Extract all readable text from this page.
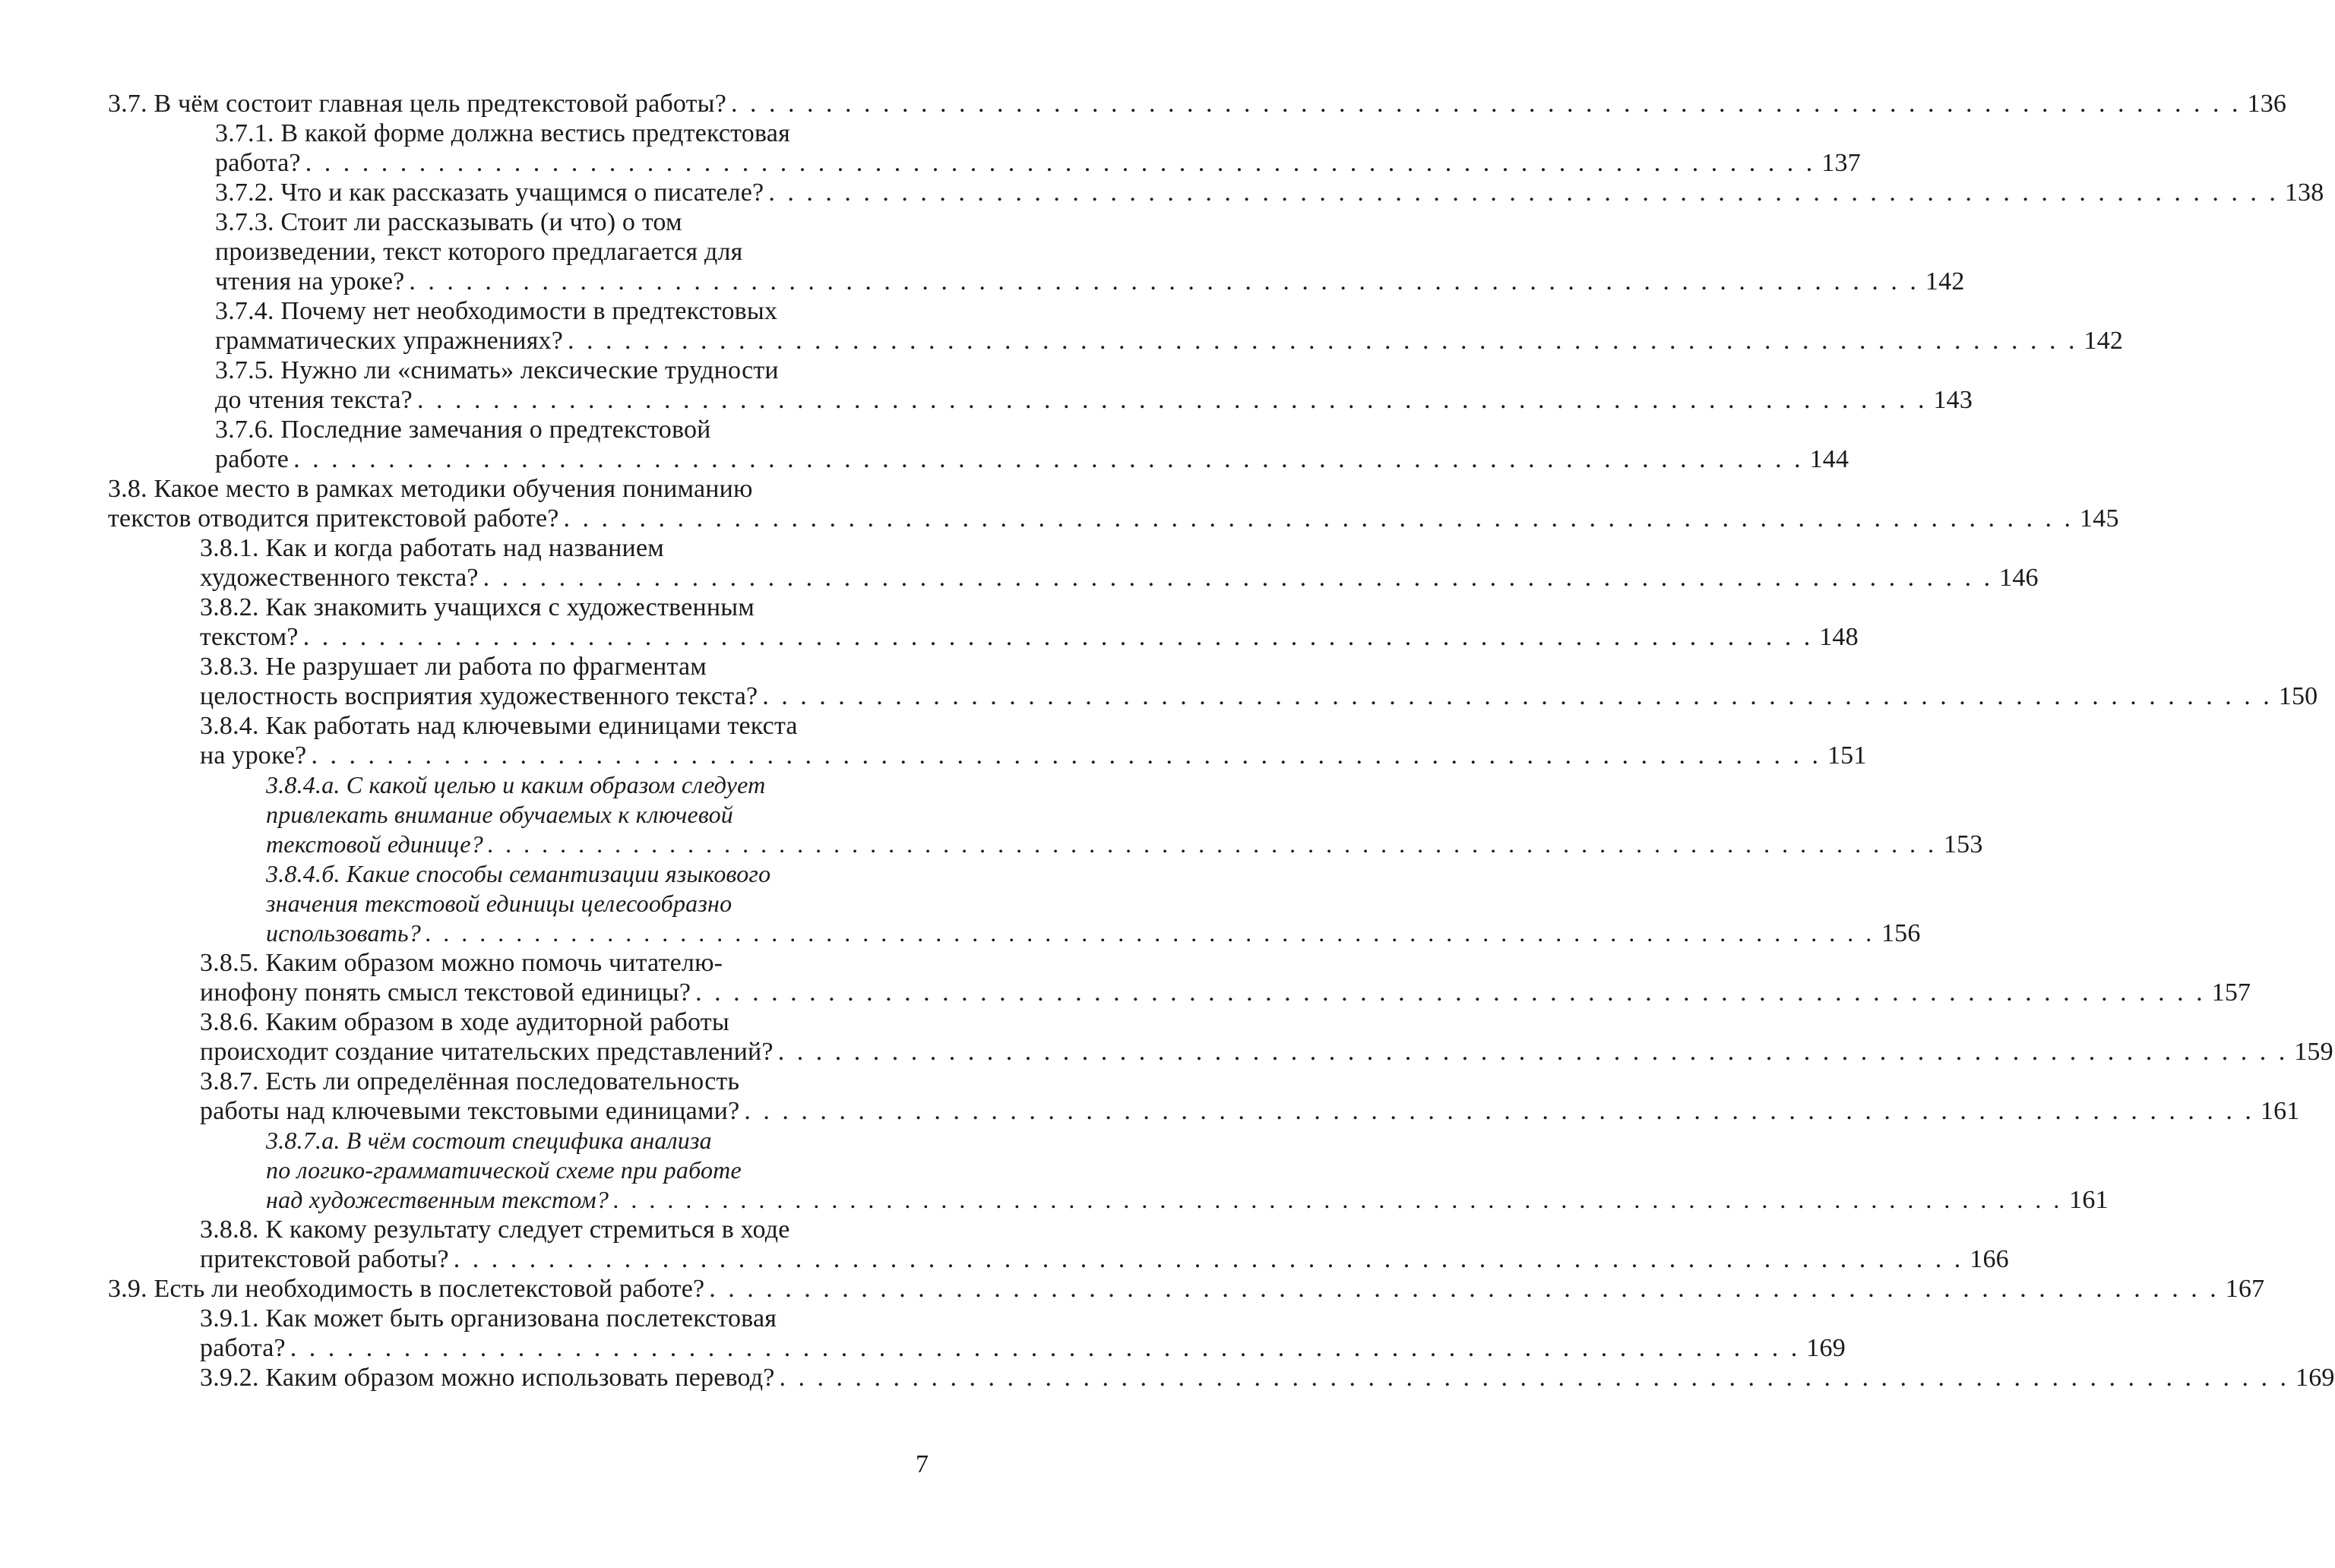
3.7. В чём состоит главная цель предтекстовой работы? . . . . . . . . . . . . . . . . . . . . . . . . . . . . . . . . . . . . . . . . . . . . . . . . . . . . . . . . . . . . . . . . . . . . . . . . . . . . . . . . 136
3.7.1. В какой форме должна вестись предтекстовая
работа? . . . . . . . . . . . . . . . . . . . . . . . . . . . . . . . . . . . . . . . . . . . . . . . . . . . . . . . . . . . . . . . . . . . . . . . . . . . . . . . . 137
3.7.2. Что и как рассказать учащимся о писателе? . . . . . . . . . . . . . . . . . . . . . . . . . . . . . . . . . . . . . . . . . . . . . . . . . . . . . . . . . . . . . . . . . . . . . . . . . . . . . . . . 138
3.7.3. Стоит ли рассказывать (и что) о том
произведении, текст которого предлагается для
чтения на уроке? . . . . . . . . . . . . . . . . . . . . . . . . . . . . . . . . . . . . . . . . . . . . . . . . . . . . . . . . . . . . . . . . . . . . . . . . . . . . . . . . 142
3.7.4. Почему нет необходимости в предтекстовых
грамматических упражнениях? . . . . . . . . . . . . . . . . . . . . . . . . . . . . . . . . . . . . . . . . . . . . . . . . . . . . . . . . . . . . . . . . . . . . . . . . . . . . . . . . 142
3.7.5. Нужно ли «снимать» лексические трудности
до чтения текста? . . . . . . . . . . . . . . . . . . . . . . . . . . . . . . . . . . . . . . . . . . . . . . . . . . . . . . . . . . . . . . . . . . . . . . . . . . . . . . . . 143
3.7.6. Последние замечания о предтекстовой
работе . . . . . . . . . . . . . . . . . . . . . . . . . . . . . . . . . . . . . . . . . . . . . . . . . . . . . . . . . . . . . . . . . . . . . . . . . . . . . . . . 144
3.8. Какое место в рамках методики обучения пониманию
текстов отводится притекстовой работе? . . . . . . . . . . . . . . . . . . . . . . . . . . . . . . . . . . . . . . . . . . . . . . . . . . . . . . . . . . . . . . . . . . . . . . . . . . . . . . . . 145
3.8.1. Как и когда работать над названием
художественного текста? . . . . . . . . . . . . . . . . . . . . . . . . . . . . . . . . . . . . . . . . . . . . . . . . . . . . . . . . . . . . . . . . . . . . . . . . . . . . . . . . 146
3.8.2. Как знакомить учащихся с художественным
текстом? . . . . . . . . . . . . . . . . . . . . . . . . . . . . . . . . . . . . . . . . . . . . . . . . . . . . . . . . . . . . . . . . . . . . . . . . . . . . . . . . 148
3.8.3. Не разрушает ли работа по фрагментам
целостность восприятия художественного текста? . . . . . . . . . . . . . . . . . . . . . . . . . . . . . . . . . . . . . . . . . . . . . . . . . . . . . . . . . . . . . . . . . . . . . . . . . . . . . . . . 150
3.8.4. Как работать над ключевыми единицами текста
на уроке? . . . . . . . . . . . . . . . . . . . . . . . . . . . . . . . . . . . . . . . . . . . . . . . . . . . . . . . . . . . . . . . . . . . . . . . . . . . . . . . . 151
3.8.4.а. С какой целью и каким образом следует
привлекать внимание обучаемых к ключевой
текстовой единице? . . . . . . . . . . . . . . . . . . . . . . . . . . . . . . . . . . . . . . . . . . . . . . . . . . . . . . . . . . . . . . . . . . . . . . . . . . . . . . . . 153
3.8.4.б. Какие способы семантизации языкового
значения текстовой единицы целесообразно
использовать? . . . . . . . . . . . . . . . . . . . . . . . . . . . . . . . . . . . . . . . . . . . . . . . . . . . . . . . . . . . . . . . . . . . . . . . . . . . . . . . . 156
3.8.5. Каким образом можно помочь читателю-
инофону понять смысл текстовой единицы? . . . . . . . . . . . . . . . . . . . . . . . . . . . . . . . . . . . . . . . . . . . . . . . . . . . . . . . . . . . . . . . . . . . . . . . . . . . . . . . . 157
3.8.6. Каким образом в ходе аудиторной работы
происходит создание читательских представлений? . . . . . . . . . . . . . . . . . . . . . . . . . . . . . . . . . . . . . . . . . . . . . . . . . . . . . . . . . . . . . . . . . . . . . . . . . . . . . . . . 159
3.8.7. Есть ли определённая последовательность
работы над ключевыми текстовыми единицами? . . . . . . . . . . . . . . . . . . . . . . . . . . . . . . . . . . . . . . . . . . . . . . . . . . . . . . . . . . . . . . . . . . . . . . . . . . . . . . . . 161
3.8.7.а. В чём состоит специфика анализа
по логико-грамматической схеме при работе
над художественным текстом? . . . . . . . . . . . . . . . . . . . . . . . . . . . . . . . . . . . . . . . . . . . . . . . . . . . . . . . . . . . . . . . . . . . . . . . . . . . . . . . . 161
3.8.8. К какому результату следует стремиться в ходе
притекстовой работы? . . . . . . . . . . . . . . . . . . . . . . . . . . . . . . . . . . . . . . . . . . . . . . . . . . . . . . . . . . . . . . . . . . . . . . . . . . . . . . . . 166
3.9. Есть ли необходимость в послетекстовой работе? . . . . . . . . . . . . . . . . . . . . . . . . . . . . . . . . . . . . . . . . . . . . . . . . . . . . . . . . . . . . . . . . . . . . . . . . . . . . . . . . 167
3.9.1. Как может быть организована послетекстовая
работа? . . . . . . . . . . . . . . . . . . . . . . . . . . . . . . . . . . . . . . . . . . . . . . . . . . . . . . . . . . . . . . . . . . . . . . . . . . . . . . . . 169
3.9.2. Каким образом можно использовать перевод? . . . . . . . . . . . . . . . . . . . . . . . . . . . . . . . . . . . . . . . . . . . . . . . . . . . . . . . . . . . . . . . . . . . . . . . . . . . . . . . . 169
7
